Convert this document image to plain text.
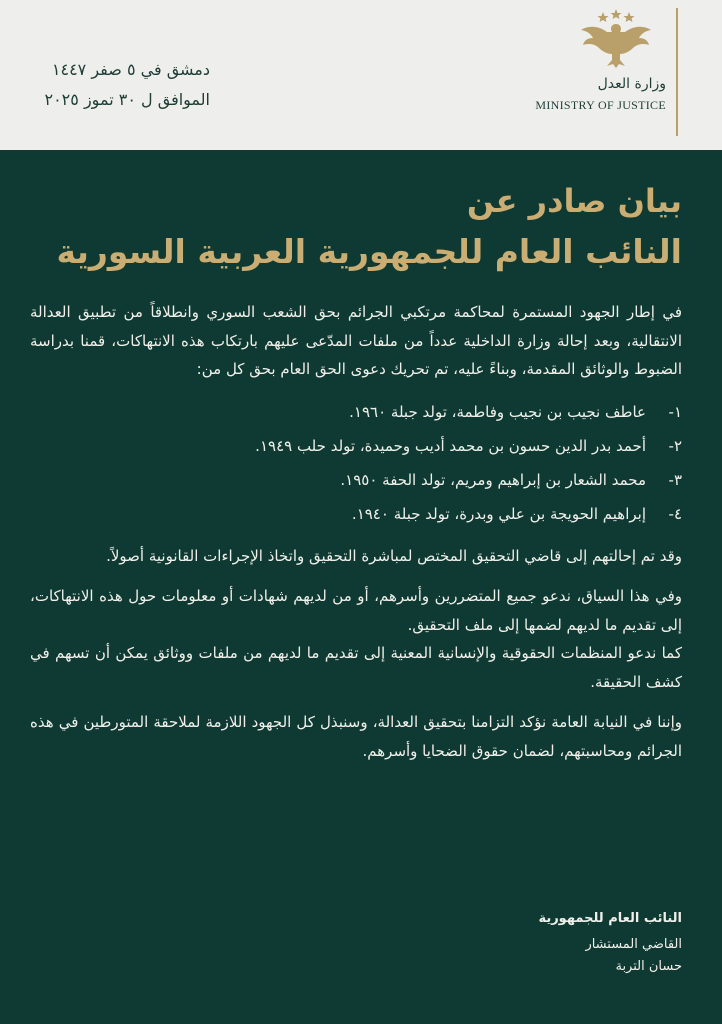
دمشق في ٥ صفر ١٤٤٧
الموافق ل ٣٠ تموز ٢٠٢٥
وزارة العدل
MINISTRY OF JUSTICE
بيان صادر عن
النائب العام للجمهورية العربية السورية

في إطار الجهود المستمرة لمحاكمة مرتكبي الجرائم بحق الشعب السوري وانطلاقاً من تطبيق العدالة الانتقالية، وبعد إحالة وزارة الداخلية عدداً من ملفات المدّعى عليهم بارتكاب هذه الانتهاكات، قمنا بدراسة الضبوط والوثائق المقدمة، وبناءً عليه، تم تحريك دعوى الحق العام بحق كل من:

١-
عاطف نجيب بن نجيب وفاطمة، تولد جبلة ١٩٦٠.
٢-
أحمد بدر الدين حسون بن محمد أديب وحميدة، تولد حلب ١٩٤٩.
٣-
محمد الشعار بن إبراهيم ومريم، تولد الحفة ١٩٥٠.
٤-
إبراهيم الحويجة بن علي وبدرة، تولد جبلة ١٩٤٠.

وقد تم إحالتهم إلى قاضي التحقيق المختص لمباشرة التحقيق واتخاذ الإجراءات القانونية أصولاً.

وفي هذا السياق، ندعو جميع المتضررين وأسرهم، أو من لديهم شهادات أو معلومات حول هذه الانتهاكات، إلى تقديم ما لديهم لضمها إلى ملف التحقيق.

كما ندعو المنظمات الحقوقية والإنسانية المعنية إلى تقديم ما لديهم من ملفات ووثائق يمكن أن تسهم في كشف الحقيقة.

وإننا في النيابة العامة نؤكد التزامنا بتحقيق العدالة، وسنبذل كل الجهود اللازمة لملاحقة المتورطين في هذه الجرائم ومحاسبتهم، لضمان حقوق الضحايا وأسرهم.

النائب العام للجمهورية
القاضي المستشار
حسان التربة
